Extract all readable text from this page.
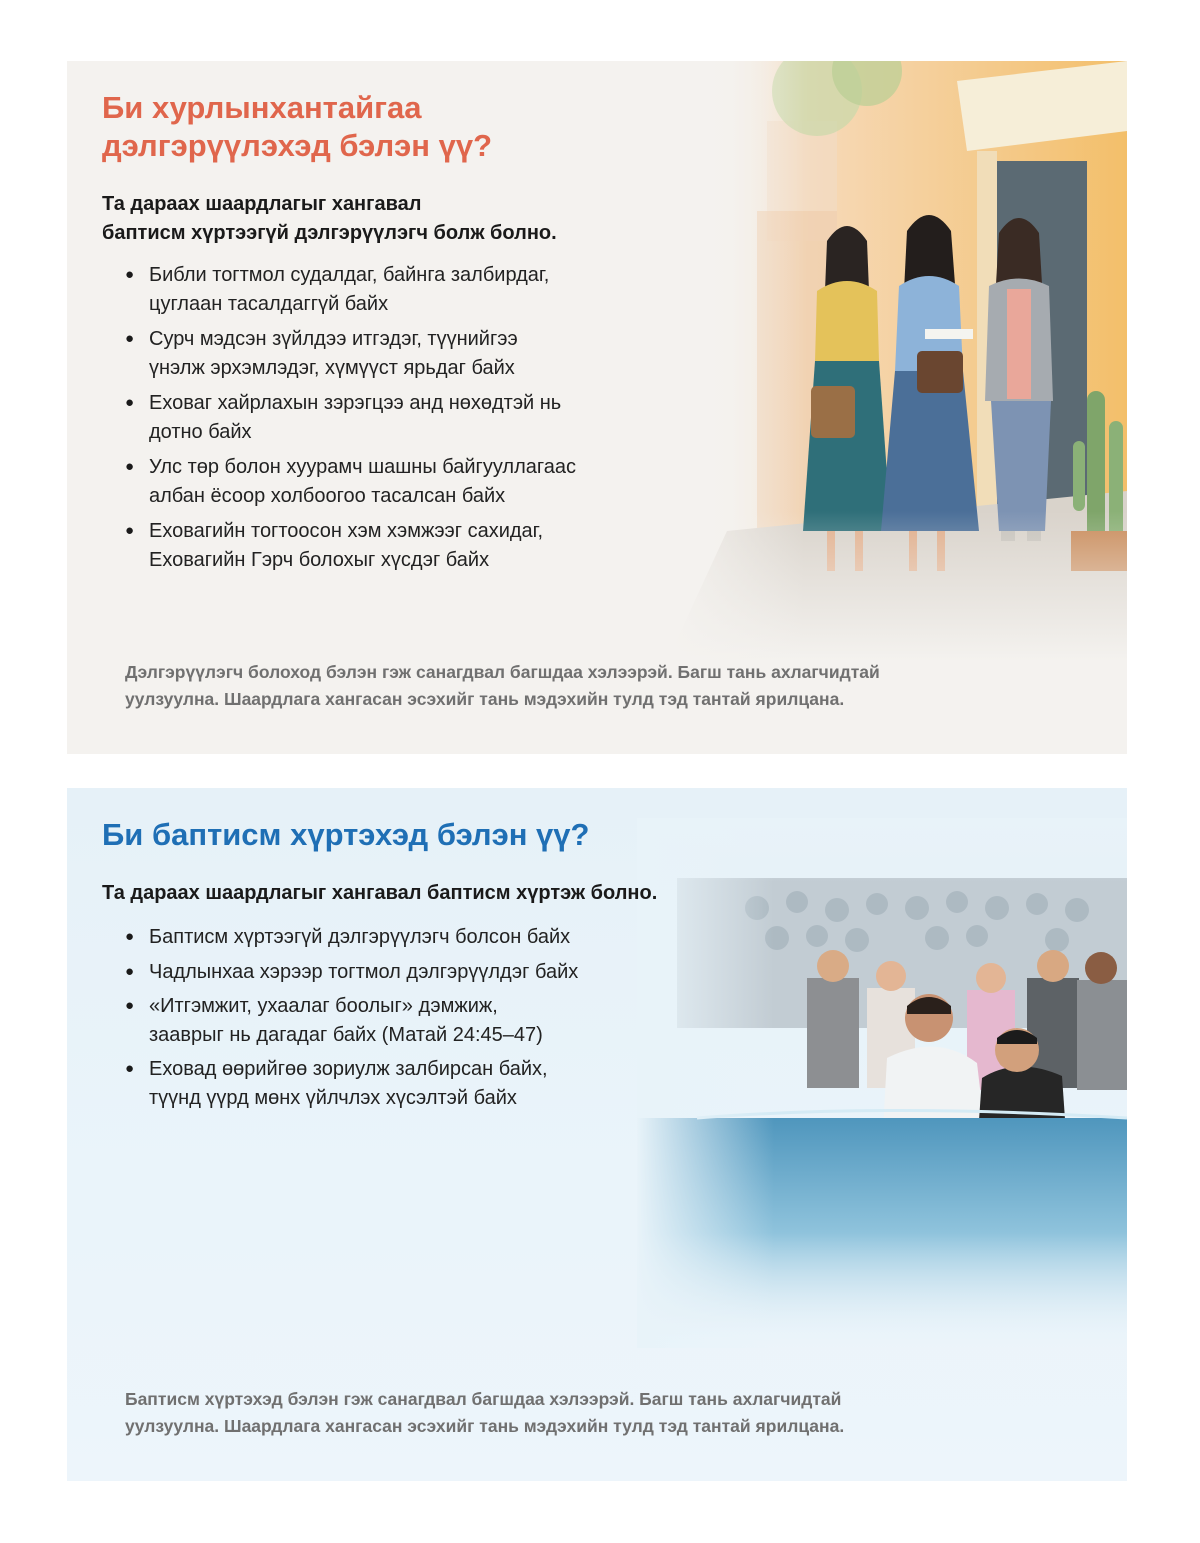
Би хурлынхантайгаа
дэлгэрүүлэхэд бэлэн үү?

Та дараах шаардлагыг хангавал
баптисм хүртээгүй дэлгэрүүлэгч болж болно.

● Библи тогтмол судалдаг, байнга залбирдаг,
цуглаан тасалдаггүй байх
● Сурч мэдсэн зүйлдээ итгэдэг, түүнийгээ
үнэлж эрхэмлэдэг, хүмүүст ярьдаг байх
● Еховаг хайрлахын зэрэгцээ анд нөхөдтэй нь
дотно байх
● Улс төр болон хуурамч шашны байгууллагаас
албан ёсоор холбоогоо тасалсан байх
● Еховагийн тогтоосон хэм хэмжээг сахидаг,
Еховагийн Гэрч болохыг хүсдэг байх

Дэлгэрүүлэгч болоход бэлэн гэж санагдвал багшдаа хэлээрэй. Багш тань ахлагчидтай
уулзуулна. Шаардлага хангасан эсэхийг тань мэдэхийн тулд тэд тантай ярилцана.

Би баптисм хүртэхэд бэлэн үү?

Та дараах шаардлагыг хангавал баптисм хүртэж болно.

● Баптисм хүртээгүй дэлгэрүүлэгч болсон байх
● Чадлынхаа хэрээр тогтмол дэлгэрүүлдэг байх
● «Итгэмжит, ухаалаг боолыг» дэмжиж,
зааврыг нь дагадаг байх (Матай 24:45–47)
● Еховад өөрийгөө зориулж залбирсан байх,
түүнд үүрд мөнх үйлчлэх хүсэлтэй байх

Баптисм хүртэхэд бэлэн гэж санагдвал багшдаа хэлээрэй. Багш тань ахлагчидтай
уулзуулна. Шаардлага хангасан эсэхийг тань мэдэхийн тулд тэд тантай ярилцана.
